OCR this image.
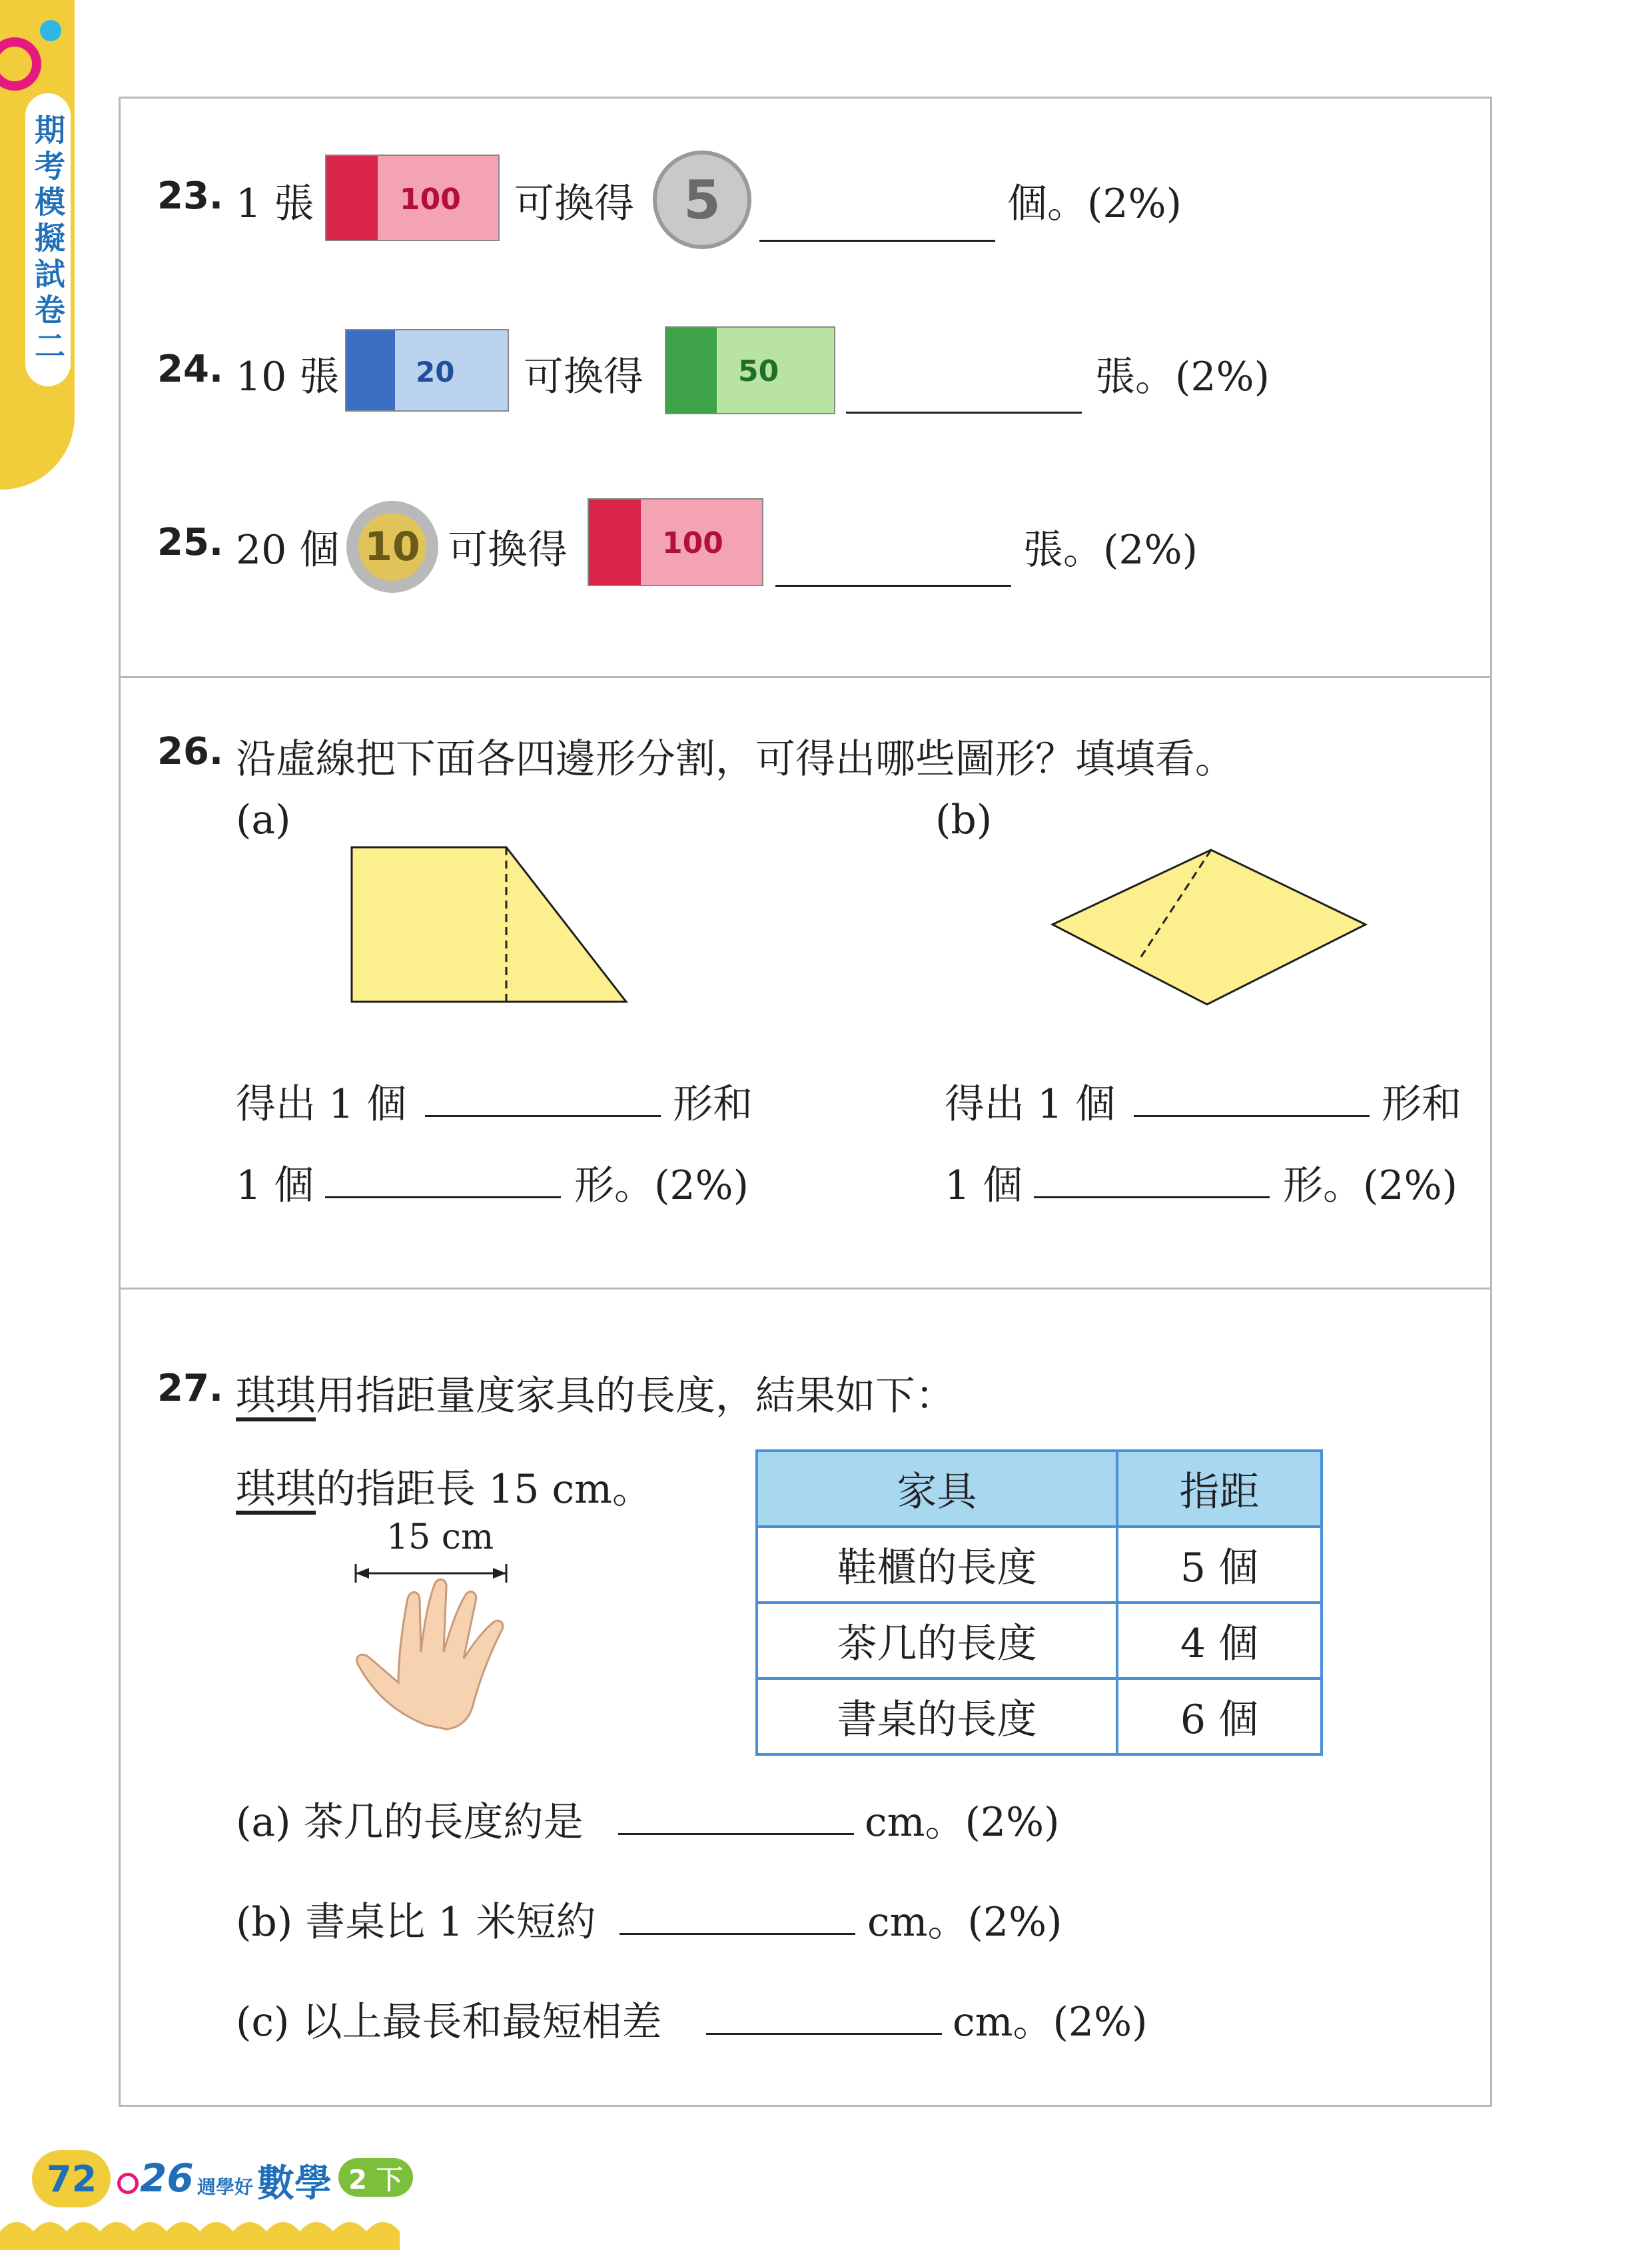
期考模擬試卷二 23. 1 張	100 可換得 5	個。(2%)
24. 10 張	20 可換得	50	張。(2%)
25. 20 個 10 可換得	100	張。(2%)
26. 沿虛線把下面各四邊形分割，可得出哪些圖形？填填看。
(a)	(b)
得出 1 個	形和
1 個	形。(2%)
得出 1 個	形和
1 個	形。(2%)
27. 琪琪用指距量度家具的長度，結果如下：
琪琪的指距長 15 cm。
15 cm
家具	指距
鞋櫃的長度	5 個
茶几的長度	4 個
書桌的長度	6 個
(a) 茶几的長度約是	cm。(2%)
(b) 書桌比 1 米短約	cm。(2%)
(c) 以上最長和最短相差	cm。(2%)
72 26 週學好 數學 2 下
